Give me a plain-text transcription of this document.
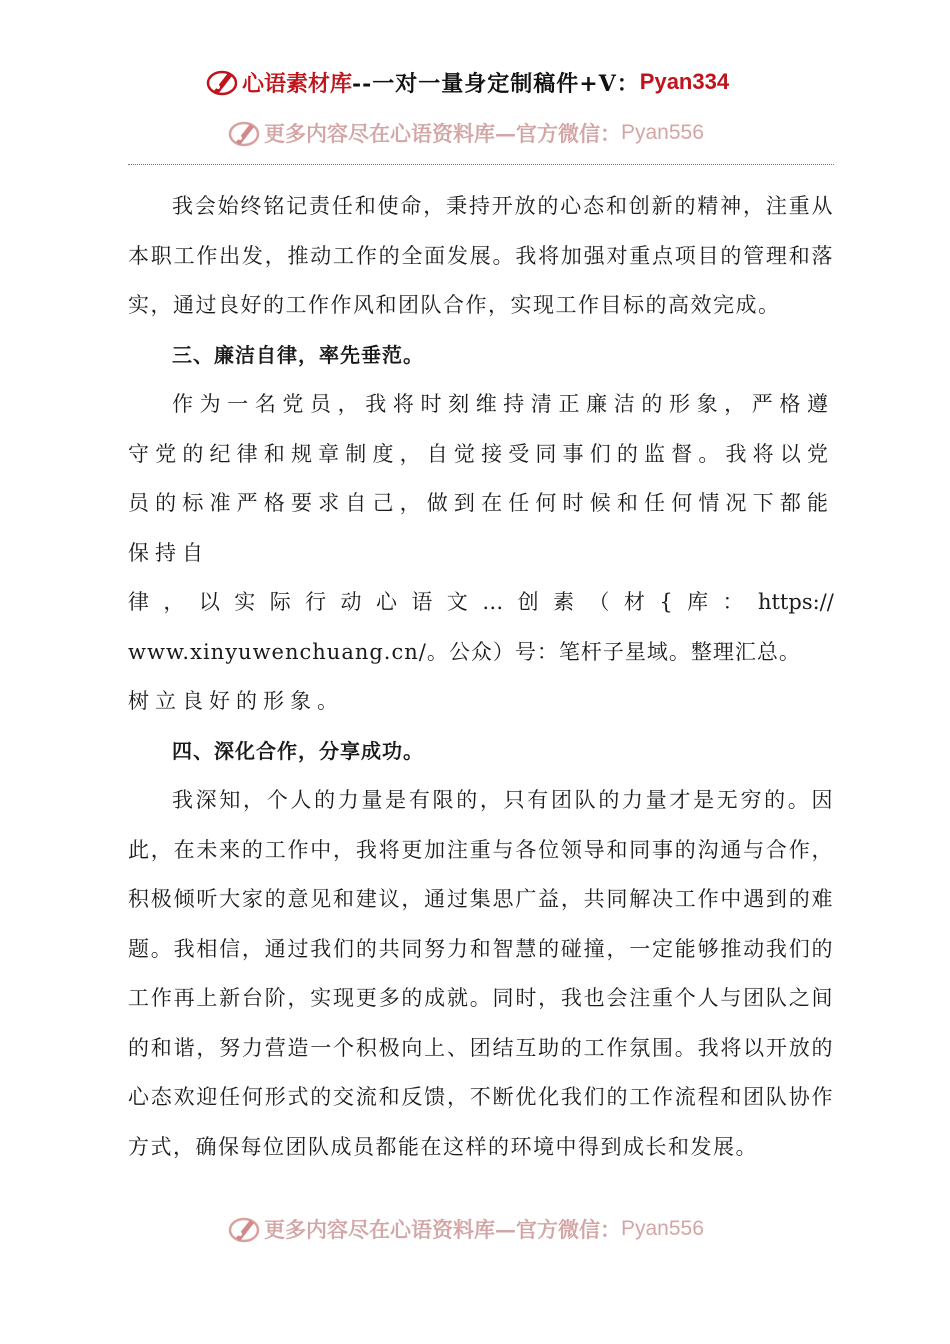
心语素材库 --一对一量身定制稿件+V： Pyan334
更多内容尽在心语资料库—官方微信： Pyan556

我会始终铭记责任和使命，秉持开放的心态和创新的精神，注重从本职工作出发，推动工作的全面发展。我将加强对重点项目的管理和落实，通过良好的工作作风和团队合作，实现工作目标的高效完成。

三、廉洁自律，率先垂范。

作为一名党员，我将时刻维持清正廉洁的形象，严格遵守党的纪律和规章制度，自觉接受同事们的监督。我将以党员的标准严格要求自己，做到在任何时候和任何情况下都能保持自

律 ， 以 实 际 行 动 心 语 文 … 创 素 （ 材 { 库 ： https://

www.xinyuwenchuang.cn/。公众）号：笔杆子星域。整理汇总。

树立良好的形象。

四、深化合作，分享成功。

我深知，个人的力量是有限的，只有团队的力量才是无穷的。因此，在未来的工作中，我将更加注重与各位领导和同事的沟通与合作，积极倾听大家的意见和建议，通过集思广益，共同解决工作中遇到的难题。我相信，通过我们的共同努力和智慧的碰撞，一定能够推动我们的工作再上新台阶，实现更多的成就。同时，我也会注重个人与团队之间的和谐，努力营造一个积极向上、团结互助的工作氛围。我将以开放的心态欢迎任何形式的交流和反馈，不断优化我们的工作流程和团队协作方式，确保每位团队成员都能在这样的环境中得到成长和发展。

更多内容尽在心语资料库—官方微信： Pyan556
